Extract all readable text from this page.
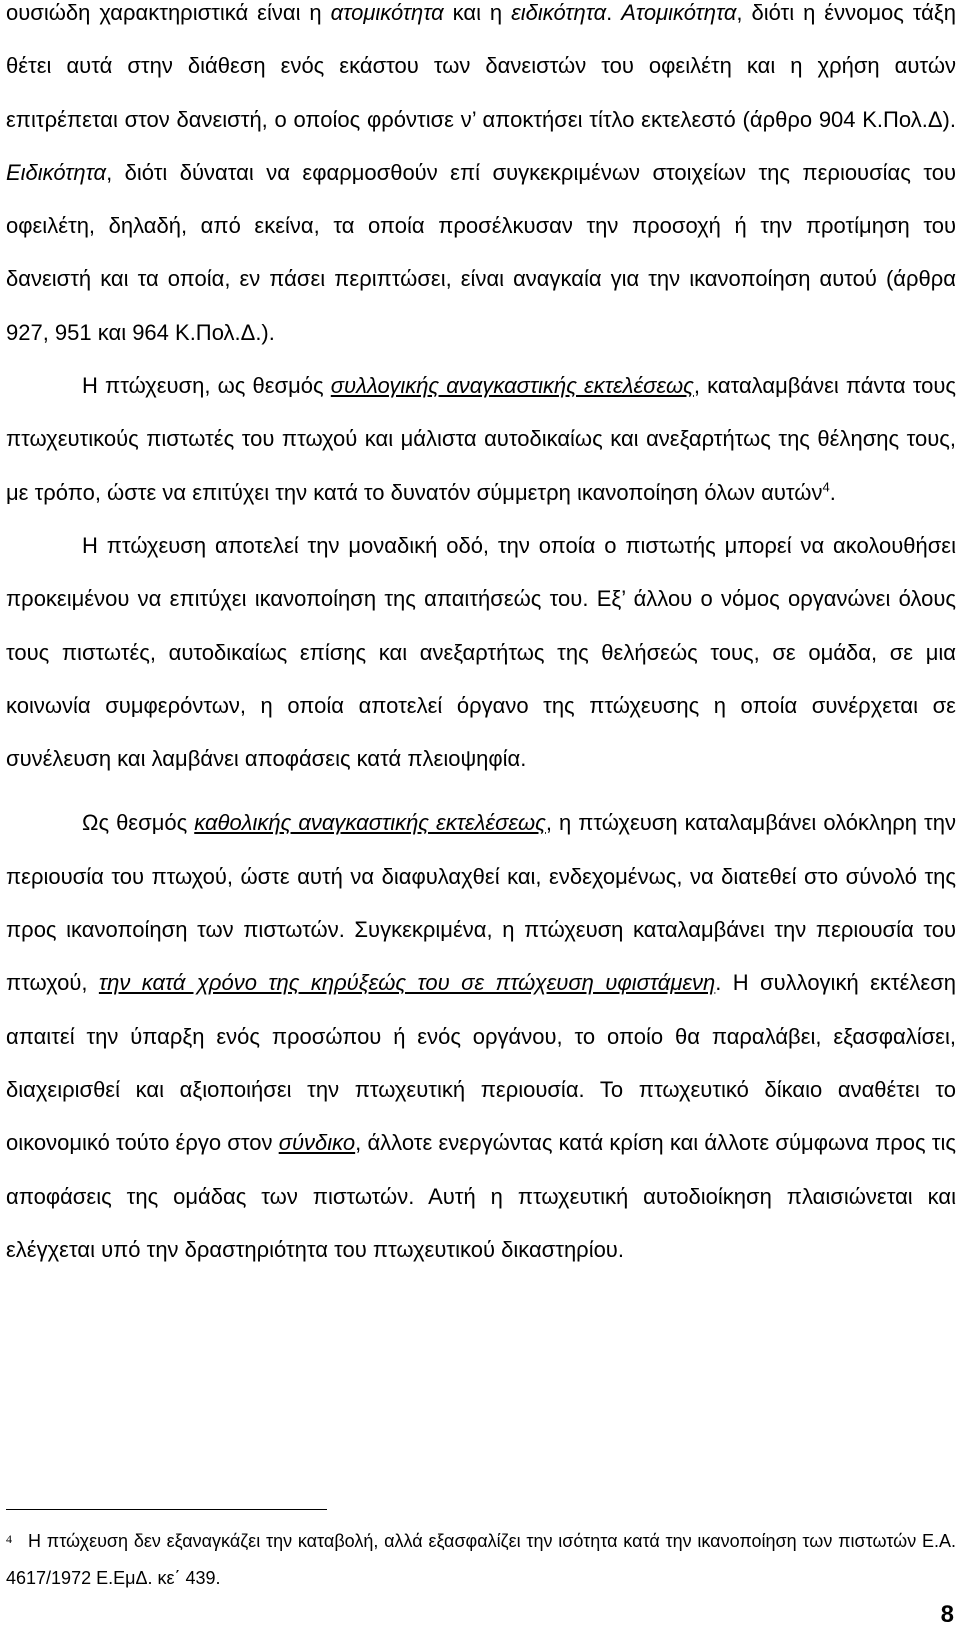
ουσιώδη χαρακτηριστικά είναι η ατομικότητα και η ειδικότητα. Ατομικότητα, διότι η έννομος τάξη θέτει αυτά στην διάθεση ενός εκάστου των δανειστών του οφειλέτη και η χρήση αυτών επιτρέπεται στον δανειστή, ο οποίος φρόντισε ν’ αποκτήσει τίτλο εκτελεστό (άρθρο 904 Κ.Πολ.Δ). Ειδικότητα, διότι δύναται να εφαρμοσθούν επί συγκεκριμένων στοιχείων της περιουσίας του οφειλέτη, δηλαδή, από εκείνα, τα οποία προσέλκυσαν την προσοχή ή την προτίμηση του δανειστή και τα οποία, εν πάσει περιπτώσει, είναι αναγκαία για την ικανοποίηση αυτού (άρθρα 927, 951 και 964 Κ.Πολ.Δ.).

Η πτώχευση, ως θεσμός συλλογικής αναγκαστικής εκτελέσεως, καταλαμβάνει πάντα τους πτωχευτικούς πιστωτές του πτωχού και μάλιστα αυτοδικαίως και ανεξαρτήτως της θέλησης τους, με τρόπο, ώστε να επιτύχει την κατά το δυνατόν σύμμετρη ικανοποίηση όλων αυτών$^4$.

Η πτώχευση αποτελεί την μοναδική οδό, την οποία ο πιστωτής μπορεί να ακολουθήσει προκειμένου να επιτύχει ικανοποίηση της απαιτήσεώς του. Εξ’ άλλου ο νόμος οργανώνει όλους τους πιστωτές, αυτοδικαίως επίσης και ανεξαρτήτως της θελήσεώς τους, σε ομάδα, σε μια κοινωνία συμφερόντων, η οποία αποτελεί όργανο της πτώχευσης η οποία συνέρχεται σε συνέλευση και λαμβάνει αποφάσεις κατά πλειοψηφία.

Ως θεσμός καθολικής αναγκαστικής εκτελέσεως, η πτώχευση καταλαμβάνει ολόκληρη την περιουσία του πτωχού, ώστε αυτή να διαφυλαχθεί και, ενδεχομένως, να διατεθεί στο σύνολό της προς ικανοποίηση των πιστωτών. Συγκεκριμένα, η πτώχευση καταλαμβάνει την περιουσία του πτωχού, την κατά χρόνο της κηρύξεώς του σε πτώχευση υφιστάμενη. Η συλλογική εκτέλεση απαιτεί την ύπαρξη ενός προσώπου ή ενός οργάνου, το οποίο θα παραλάβει, εξασφαλίσει, διαχειρισθεί και αξιοποιήσει την πτωχευτική περιουσία. Το πτωχευτικό δίκαιο αναθέτει το οικονομικό τούτο έργο στον σύνδικο, άλλοτε ενεργώντας κατά κρίση και άλλοτε σύμφωνα προς τις αποφάσεις της ομάδας των πιστωτών. Αυτή η πτωχευτική αυτοδιοίκηση πλαισιώνεται και ελέγχεται υπό την δραστηριότητα του πτωχευτικού δικαστηρίου.

$^4$ Η πτώχευση δεν εξαναγκάζει την καταβολή, αλλά εξασφαλίζει την ισότητα κατά την ικανοποίηση των πιστωτών Ε.Α. 4617/1972 Ε.ΕμΔ. κε΄ 439.

8
